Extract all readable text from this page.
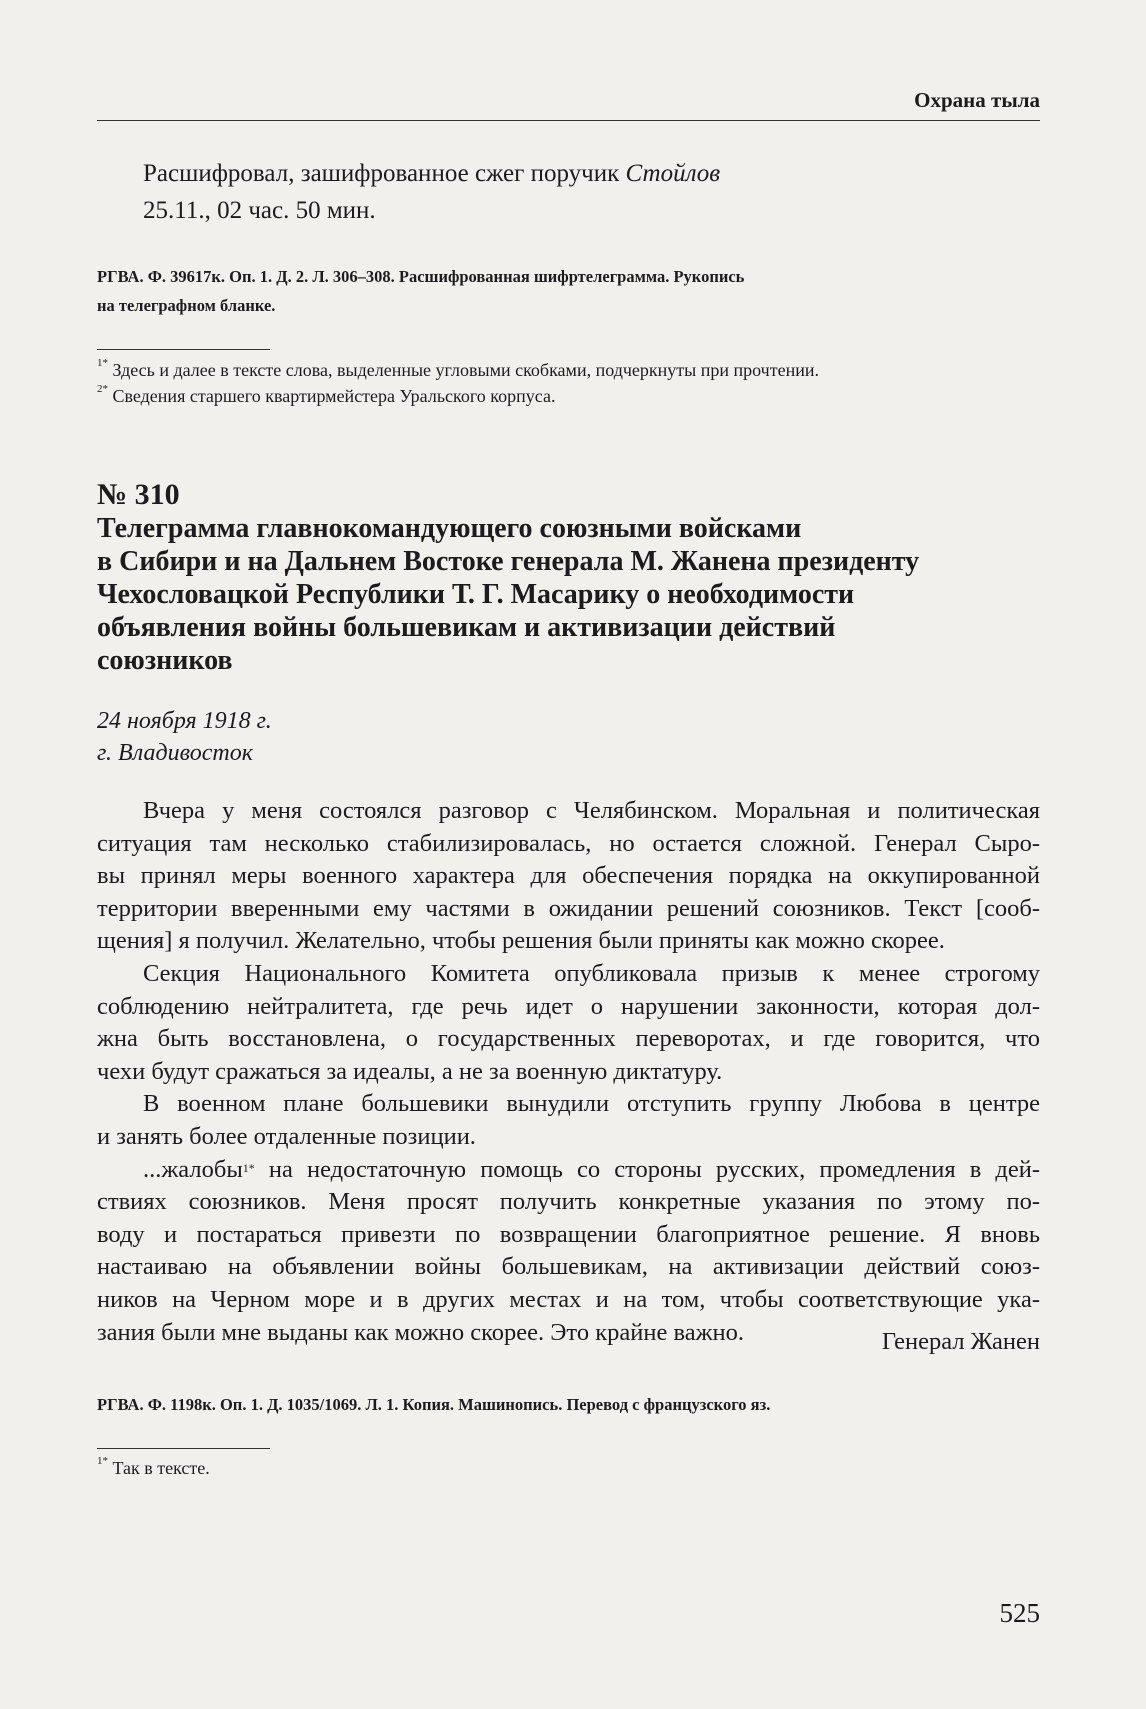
Охрана тыла
Расшифровал, зашифрованное сжег поручик Стойлов
25.11., 02 час. 50 мин.
РГВА. Ф. 39617к. Оп. 1. Д. 2. Л. 306–308. Расшифрованная шифртелеграмма. Рукопись
на телеграфном бланке.
$^{1*}$ Здесь и далее в тексте слова, выделенные угловыми скобками, подчеркнуты при прочтении.
$^{2*}$ Сведения старшего квартирмейстера Уральского корпуса.
№ 310
Телеграмма главнокомандующего союзными войсками
в Сибири и на Дальнем Востоке генерала М. Жанена президенту
Чехословацкой Республики Т. Г. Масарику о необходимости
объявления войны большевикам и активизации действий
союзников
24 ноября 1918 г.
г. Владивосток
Вчера у меня состоялся разговор с Челябинском. Моральная и политическая
ситуация там несколько стабилизировалась, но остается сложной. Генерал Сыро-
вы принял меры военного характера для обеспечения порядка на оккупированной
территории вверенными ему частями в ожидании решений союзников. Текст [сооб-
щения] я получил. Желательно, чтобы решения были приняты как можно скорее.
Секция Национального Комитета опубликовала призыв к менее строгому
соблюдению нейтралитета, где речь идет о нарушении законности, которая дол-
жна быть восстановлена, о государственных переворотах, и где говорится, что
чехи будут сражаться за идеалы, а не за военную диктатуру.
В военном плане большевики вынудили отступить группу Любова в центре
и занять более отдаленные позиции.
...жалобы$^{1*}$ на недостаточную помощь со стороны русских, промедления в дей-
ствиях союзников. Меня просят получить конкретные указания по этому по-
воду и постараться привезти по возвращении благоприятное решение. Я вновь
настаиваю на объявлении войны большевикам, на активизации действий союз-
ников на Черном море и в других местах и на том, чтобы соответствующие ука-
зания были мне выданы как можно скорее. Это крайне важно.	Генерал Жанен
РГВА. Ф. 1198к. Оп. 1. Д. 1035/1069. Л. 1. Копия. Машинопись. Перевод с французского яз.
$^{1*}$ Так в тексте.
525
